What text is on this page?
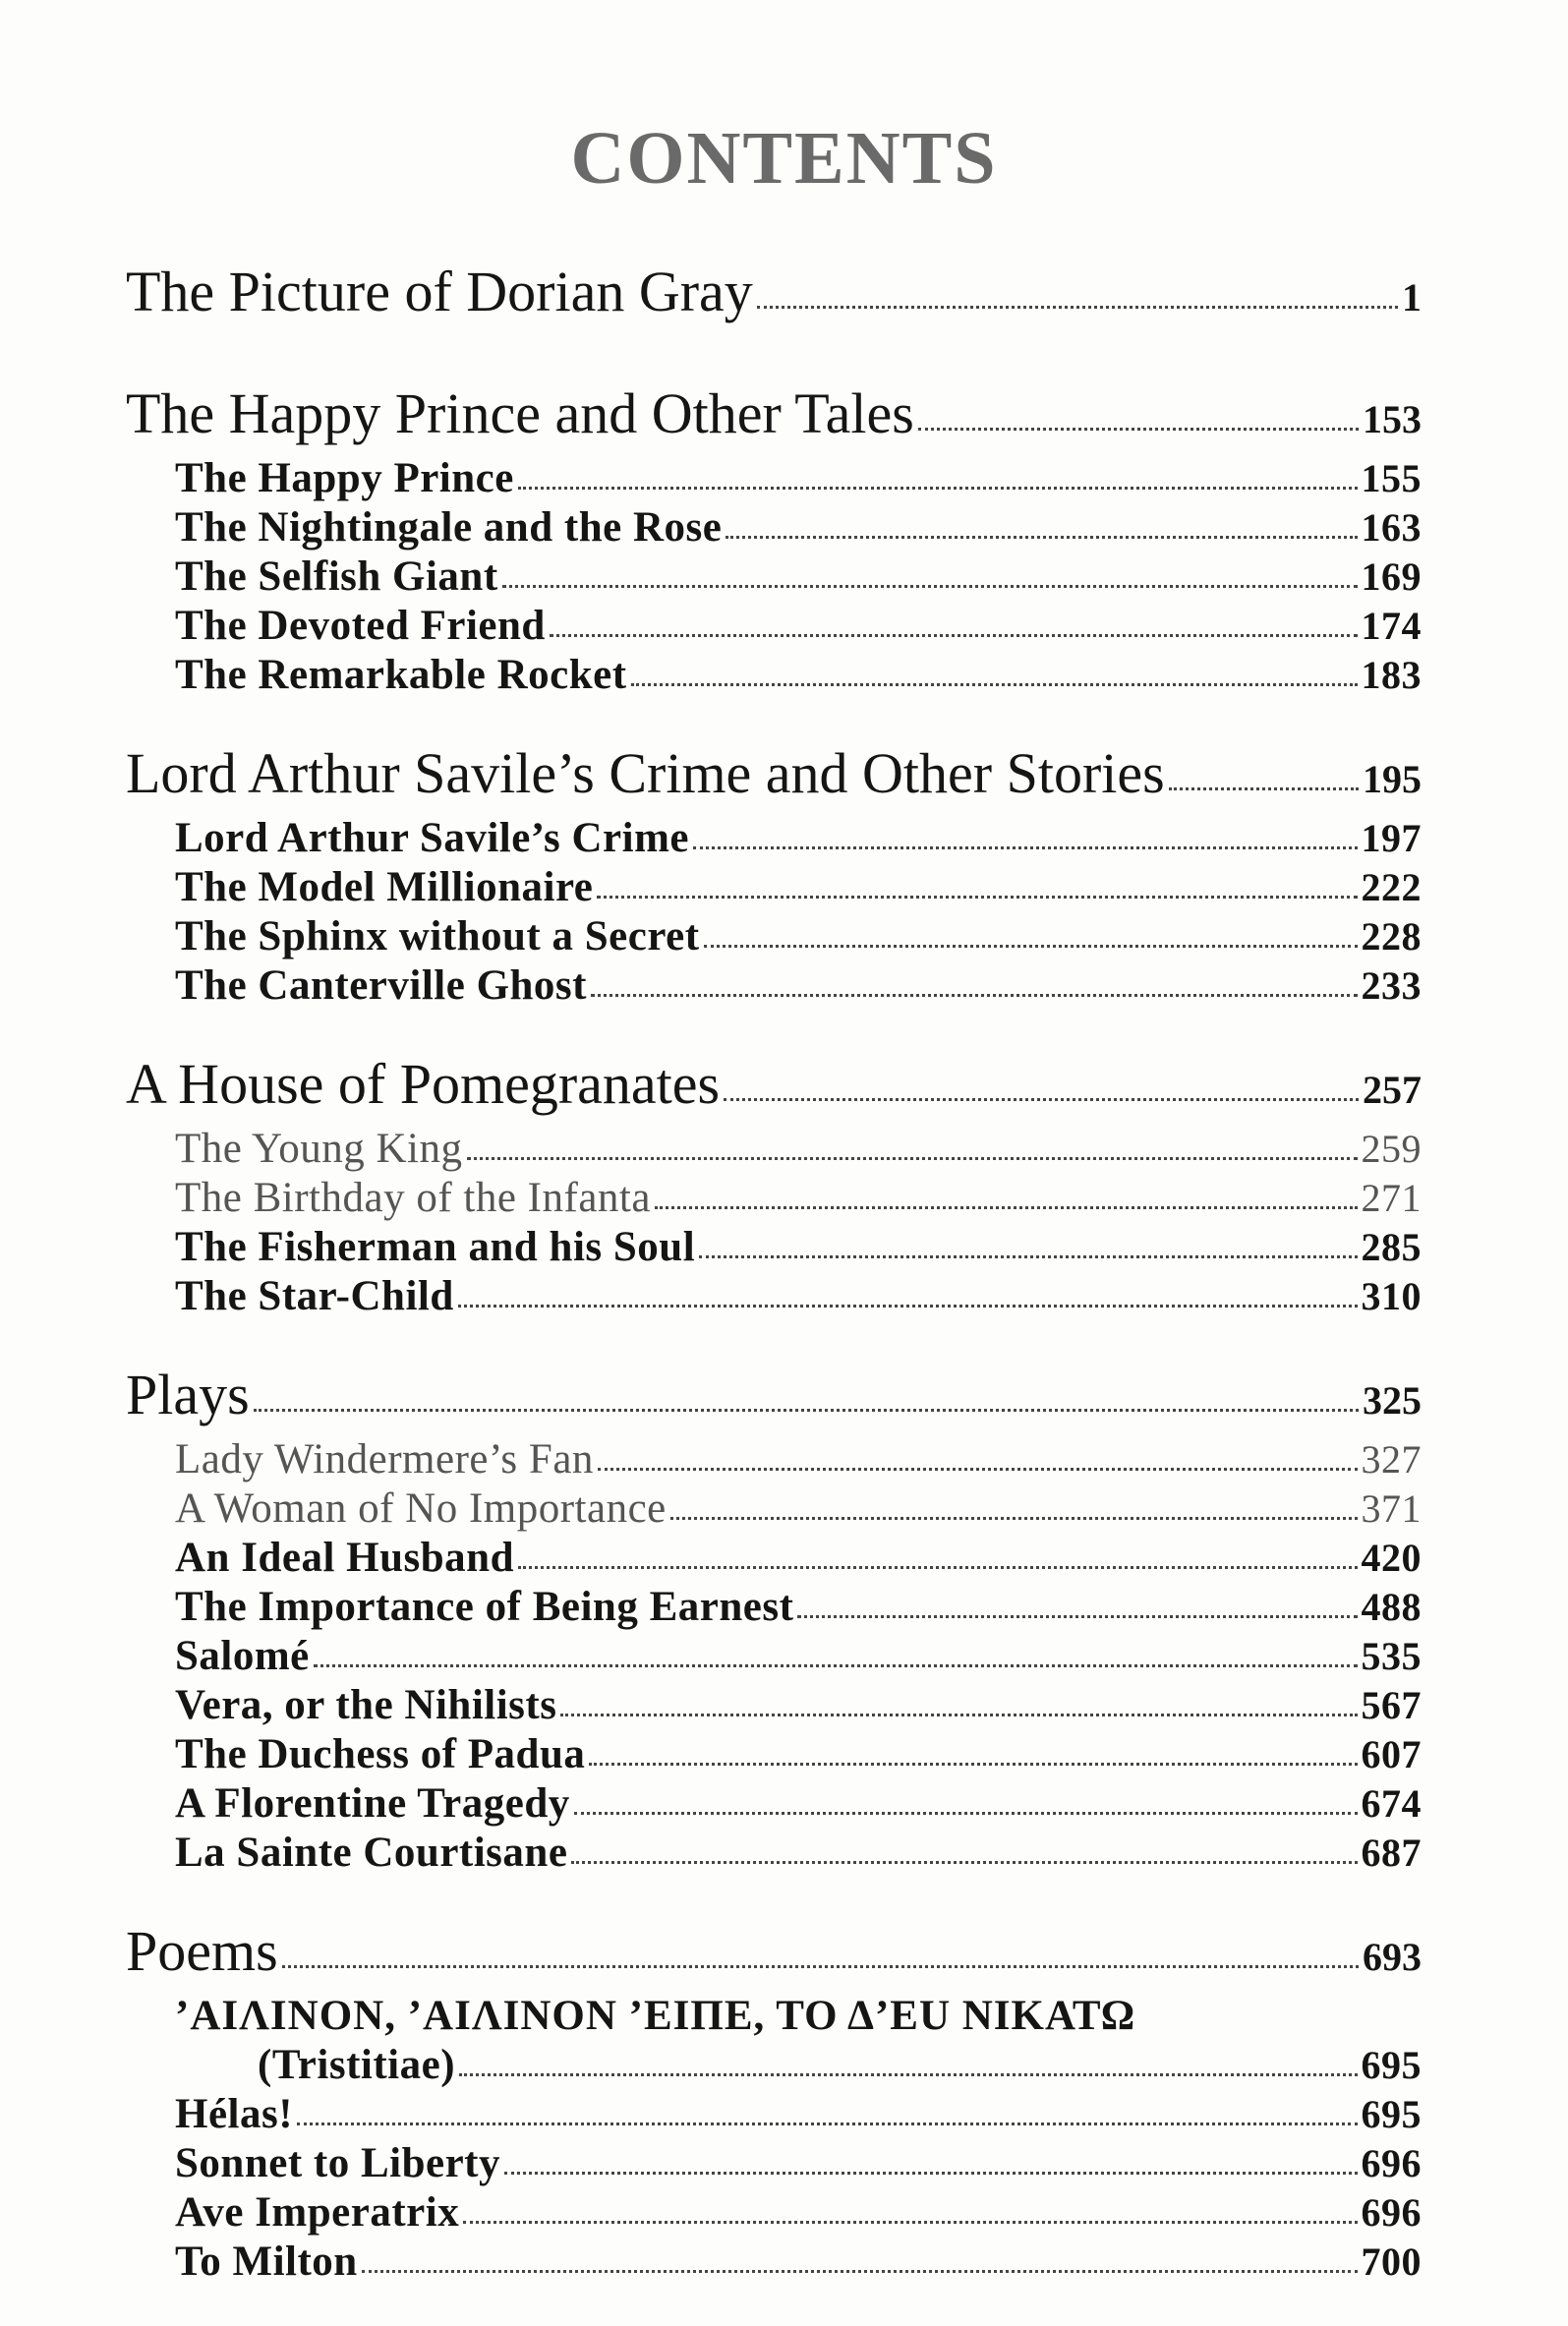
CONTENTS
The Picture of Dorian Gray	1
The Happy Prince and Other Tales	153
The Happy Prince	155
The Nightingale and the Rose	163
The Selfish Giant	169
The Devoted Friend	174
The Remarkable Rocket	183
Lord Arthur Savile’s Crime and Other Stories	195
Lord Arthur Savile’s Crime	197
The Model Millionaire	222
The Sphinx without a Secret	228
The Canterville Ghost	233
A House of Pomegranates	257
The Young King	259
The Birthday of the Infanta	271
The Fisherman and his Soul	285
The Star-Child	310
Plays	325
Lady Windermere’s Fan	327
A Woman of No Importance	371
An Ideal Husband	420
The Importance of Being Earnest	488
Salomé	535
Vera, or the Nihilists	567
The Duchess of Padua	607
A Florentine Tragedy	674
La Sainte Courtisane	687
Poems	693
’ΑΙΛΙΝΟΝ, ’ΑΙΛΙΝΟΝ ’ΕΙΠΕ, ΤΟ Δ’ΕU ΝΙΚΑΤΩ
(Tristitiae)	695
Hélas!	695
Sonnet to Liberty	696
Ave Imperatrix	696
To Milton	700
